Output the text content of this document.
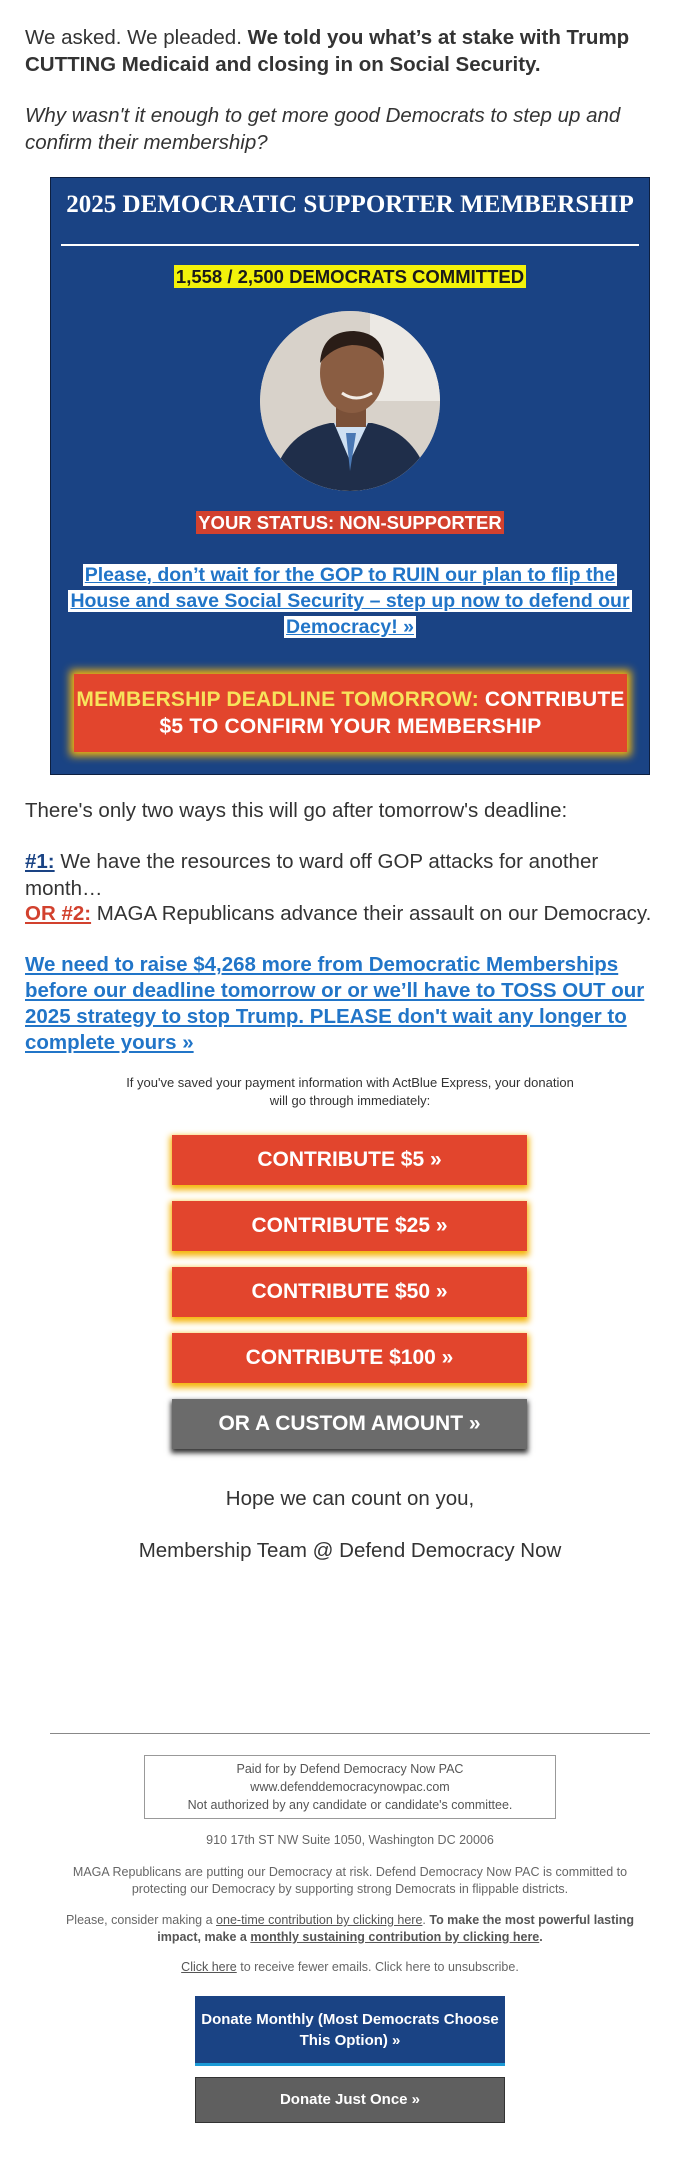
We asked. We pleaded. We told you what’s at stake with Trump CUTTING Medicaid and closing in on Social Security.
Why wasn't it enough to get more good Democrats to step up and confirm their membership?
2025 DEMOCRATIC SUPPORTER MEMBERSHIP
1,558 / 2,500 DEMOCRATS COMMITTED
YOUR STATUS: NON-SUPPORTER
Please, don’t wait for the GOP to RUIN our plan to flip the House and save Social Security – step up now to defend our Democracy! »
MEMBERSHIP DEADLINE TOMORROW: CONTRIBUTE $5 TO CONFIRM YOUR MEMBERSHIP
There's only two ways this will go after tomorrow's deadline:
#1: We have the resources to ward off GOP attacks for another month…
OR #2: MAGA Republicans advance their assault on our Democracy.
We need to raise $4,268 more from Democratic Memberships before our deadline tomorrow or or we’ll have to TOSS OUT our 2025 strategy to stop Trump. PLEASE don't wait any longer to complete yours »
If you've saved your payment information with ActBlue Express, your donation will go through immediately:
CONTRIBUTE $5 »
CONTRIBUTE $25 »
CONTRIBUTE $50 »
CONTRIBUTE $100 »
OR A CUSTOM AMOUNT »
Hope we can count on you,
Membership Team @ Defend Democracy Now
Paid for by Defend Democracy Now PAC
www.defenddemocracynowpac.com
Not authorized by any candidate or candidate's committee.
910 17th ST NW Suite 1050, Washington DC 20006
MAGA Republicans are putting our Democracy at risk. Defend Democracy Now PAC is committed to protecting our Democracy by supporting strong Democrats in flippable districts.
Please, consider making a one-time contribution by clicking here. To make the most powerful lasting impact, make a monthly sustaining contribution by clicking here.
Click here to receive fewer emails. Click here to unsubscribe.
Donate Monthly (Most Democrats Choose This Option) »
Donate Just Once »
